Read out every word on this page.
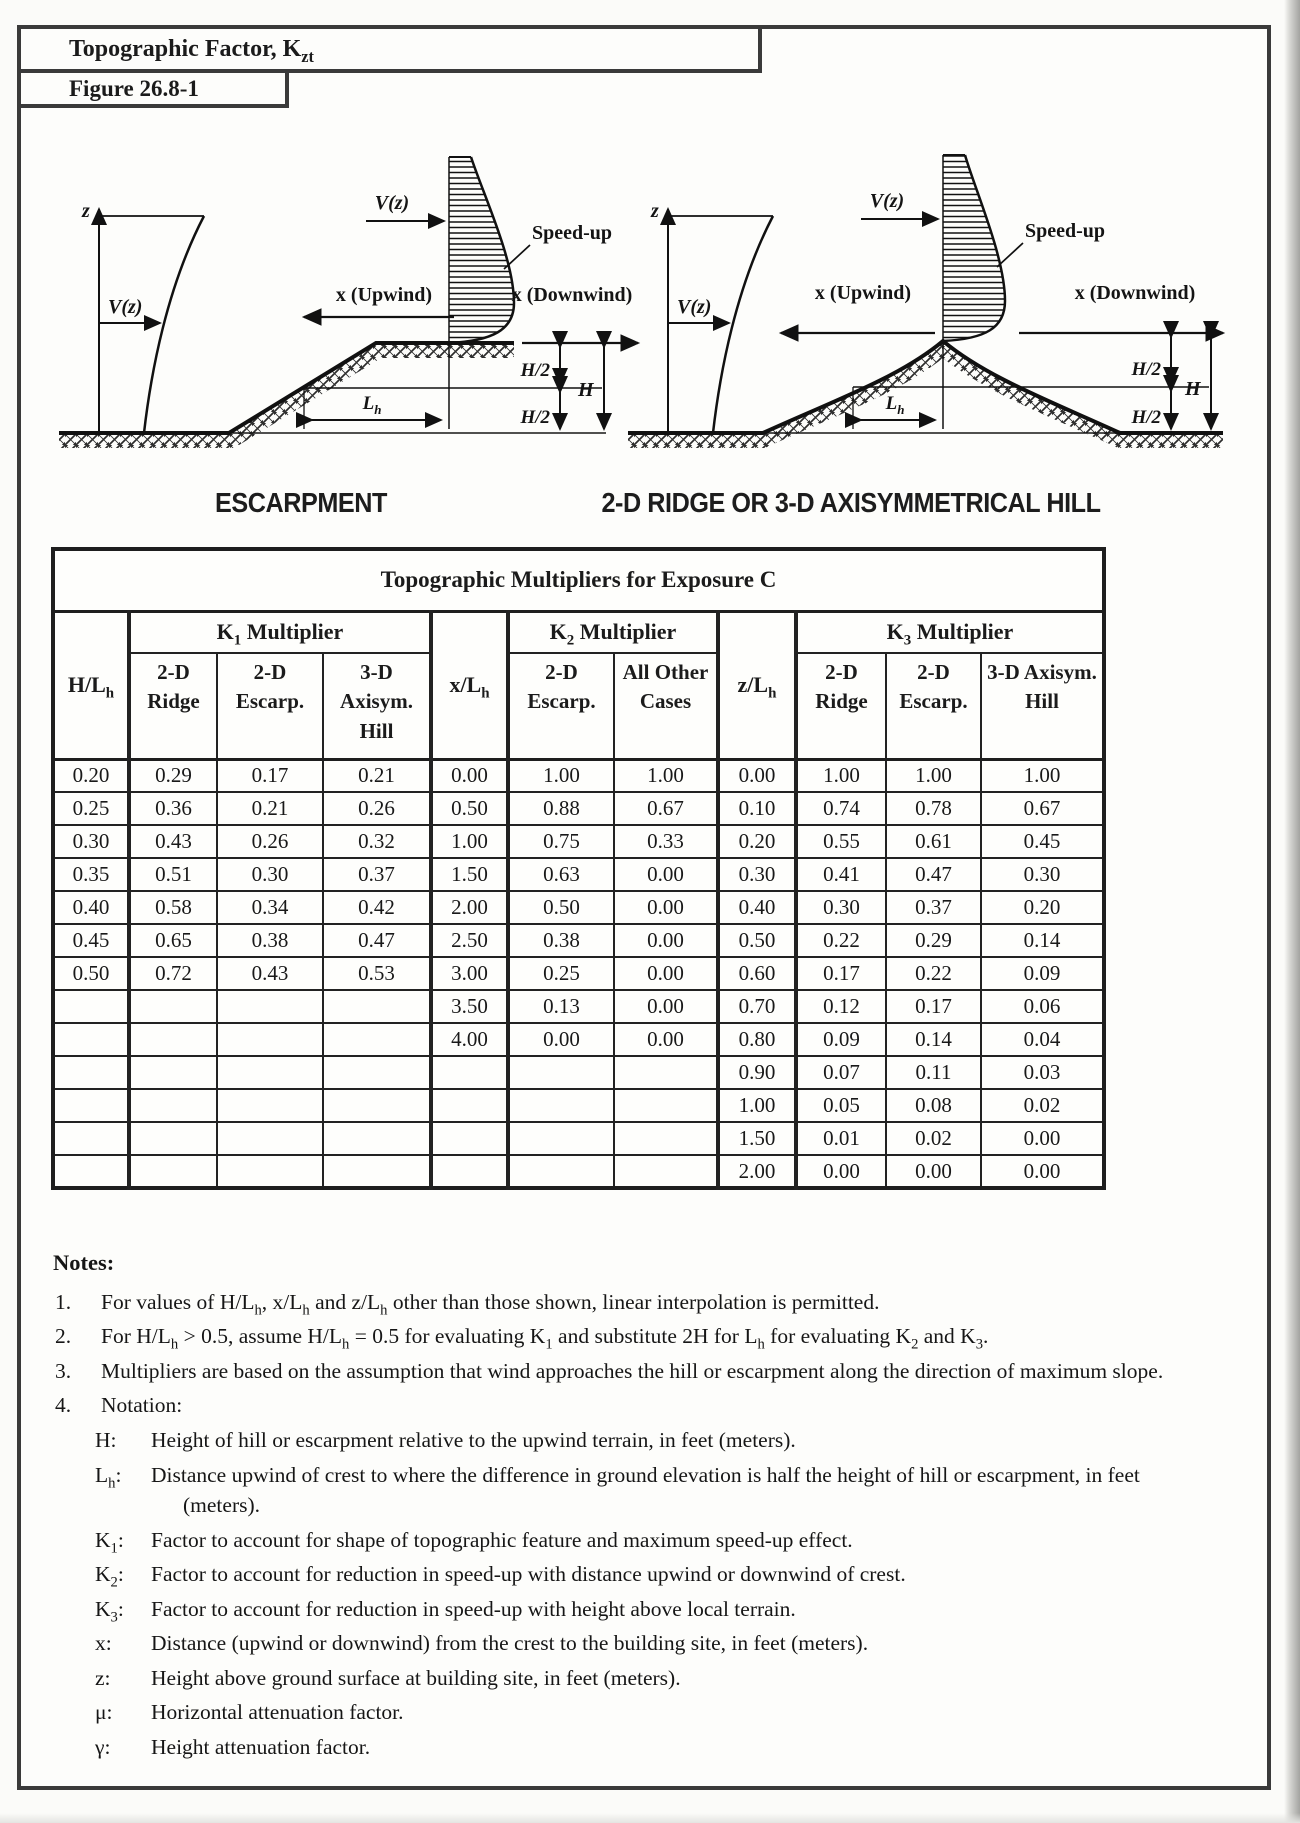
Topographic Factor, $K_{zt}$
Figure 26.8-1
z
V(z)
V(z)
Speed-up
x (Upwind)	x (Downwind)
H/2
H/2
H
$L_h$
z
V(z)
V(z)
Speed-up
x (Upwind)	x (Downwind)
H/2
H/2
H
$L_h$
ESCARPMENT	2-D RIDGE OR 3-D AXISYMMETRICAL HILL
Topographic Multipliers for Exposure C										
$H/L_h$	$K_1$ Multiplier			$x/L_h$	$K_2$ Multiplier		$z/L_h$	$K_3$ Multiplier		
	2-D Ridge	2-D Escarp.	3-D Axisym. Hill		2-D Escarp.	All Other Cases		2-D Ridge	2-D Escarp.	3-D Axisym. Hill
0.20	0.29	0.17	0.21	0.00	1.00	1.00	0.00	1.00	1.00	1.00
0.25	0.36	0.21	0.26	0.50	0.88	0.67	0.10	0.74	0.78	0.67
0.30	0.43	0.26	0.32	1.00	0.75	0.33	0.20	0.55	0.61	0.45
0.35	0.51	0.30	0.37	1.50	0.63	0.00	0.30	0.41	0.47	0.30
0.40	0.58	0.34	0.42	2.00	0.50	0.00	0.40	0.30	0.37	0.20
0.45	0.65	0.38	0.47	2.50	0.38	0.00	0.50	0.22	0.29	0.14
0.50	0.72	0.43	0.53	3.00	0.25	0.00	0.60	0.17	0.22	0.09
				3.50	0.13	0.00	0.70	0.12	0.17	0.06
				4.00	0.00	0.00	0.80	0.09	0.14	0.04
							0.90	0.07	0.11	0.03
							1.00	0.05	0.08	0.02
							1.50	0.01	0.02	0.00
							2.00	0.00	0.00	0.00
Notes:
1.	For values of $H/L_h$, $x/L_h$ and $z/L_h$ other than those shown, linear interpolation is permitted.
2.	For $H/L_h > 0.5$, assume $H/L_h = 0.5$ for evaluating $K_1$ and substitute 2H for $L_h$ for evaluating $K_2$ and $K_3$.
3.	Multipliers are based on the assumption that wind approaches the hill or escarpment along the direction of maximum slope.
4.	Notation:
H:	Height of hill or escarpment relative to the upwind terrain, in feet (meters).
$L_h$:	Distance upwind of crest to where the difference in ground elevation is half the height of hill or escarpment, in feet (meters).
$K_1$:	Factor to account for shape of topographic feature and maximum speed-up effect.
$K_2$:	Factor to account for reduction in speed-up with distance upwind or downwind of crest.
$K_3$:	Factor to account for reduction in speed-up with height above local terrain.
x:	Distance (upwind or downwind) from the crest to the building site, in feet (meters).
z:	Height above ground surface at building site, in feet (meters).
μ:	Horizontal attenuation factor.
γ:	Height attenuation factor.
